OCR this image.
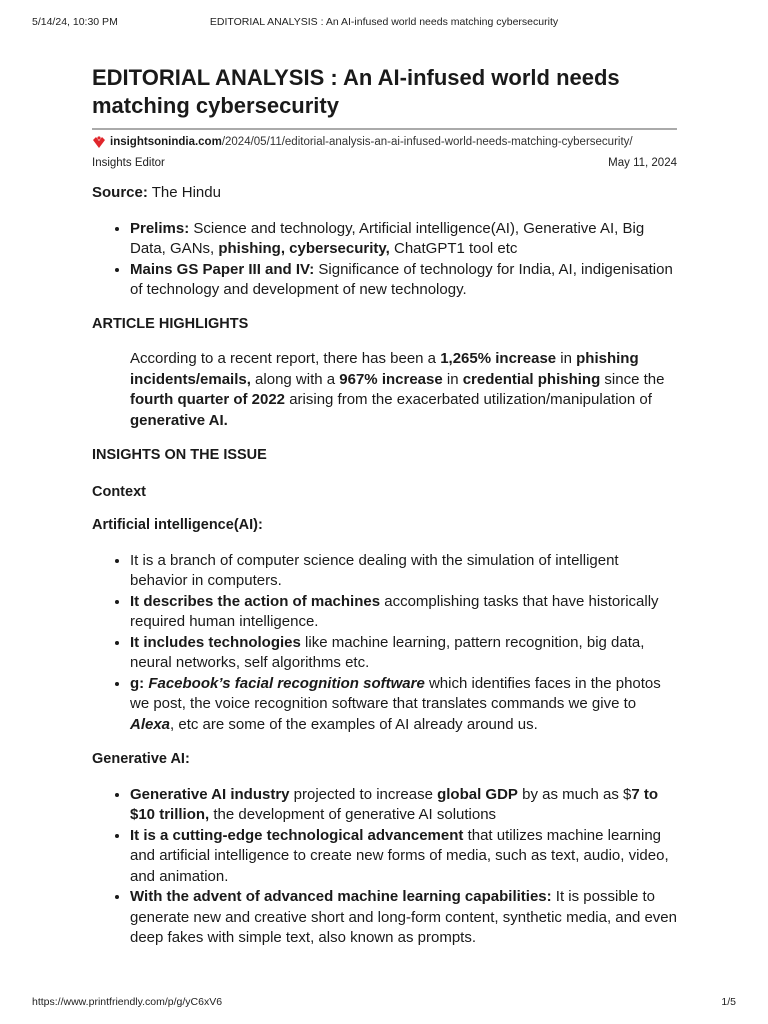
5/14/24, 10:30 PM	EDITORIAL ANALYSIS : An AI-infused world needs matching cybersecurity
EDITORIAL ANALYSIS : An AI-infused world needs matching cybersecurity
insightsonindia.com /2024/05/11/editorial-analysis-an-ai-infused-world-needs-matching-cybersecurity/
Insights Editor	May 11, 2024

Source: The Hindu

• Prelims: Science and technology, Artificial intelligence(AI), Generative AI, Big Data, GANs, phishing, cybersecurity, ChatGPT1 tool etc
• Mains GS Paper III and IV: Significance of technology for India, AI, indigenisation of technology and development of new technology.

ARTICLE HIGHLIGHTS

According to a recent report, there has been a 1,265% increase in phishing incidents/emails, along with a 967% increase in credential phishing since the fourth quarter of 2022 arising from the exacerbated utilization/manipulation of generative AI.

INSIGHTS ON THE ISSUE

Context

Artificial intelligence(AI):

• It is a branch of computer science dealing with the simulation of intelligent behavior in computers.
• It describes the action of machines accomplishing tasks that have historically required human intelligence.
• It includes technologies like machine learning, pattern recognition, big data, neural networks, self algorithms etc.
• g: Facebook’s facial recognition software which identifies faces in the photos we post, the voice recognition software that translates commands we give to Alexa, etc are some of the examples of AI already around us.

Generative AI:

• Generative AI industry projected to increase global GDP by as much as $7 to $10 trillion, the development of generative AI solutions
• It is a cutting-edge technological advancement that utilizes machine learning and artificial intelligence to create new forms of media, such as text, audio, video, and animation.
• With the advent of advanced machine learning capabilities: It is possible to generate new and creative short and long-form content, synthetic media, and even deep fakes with simple text, also known as prompts.
https://www.printfriendly.com/p/g/yC6xV6	1/5
